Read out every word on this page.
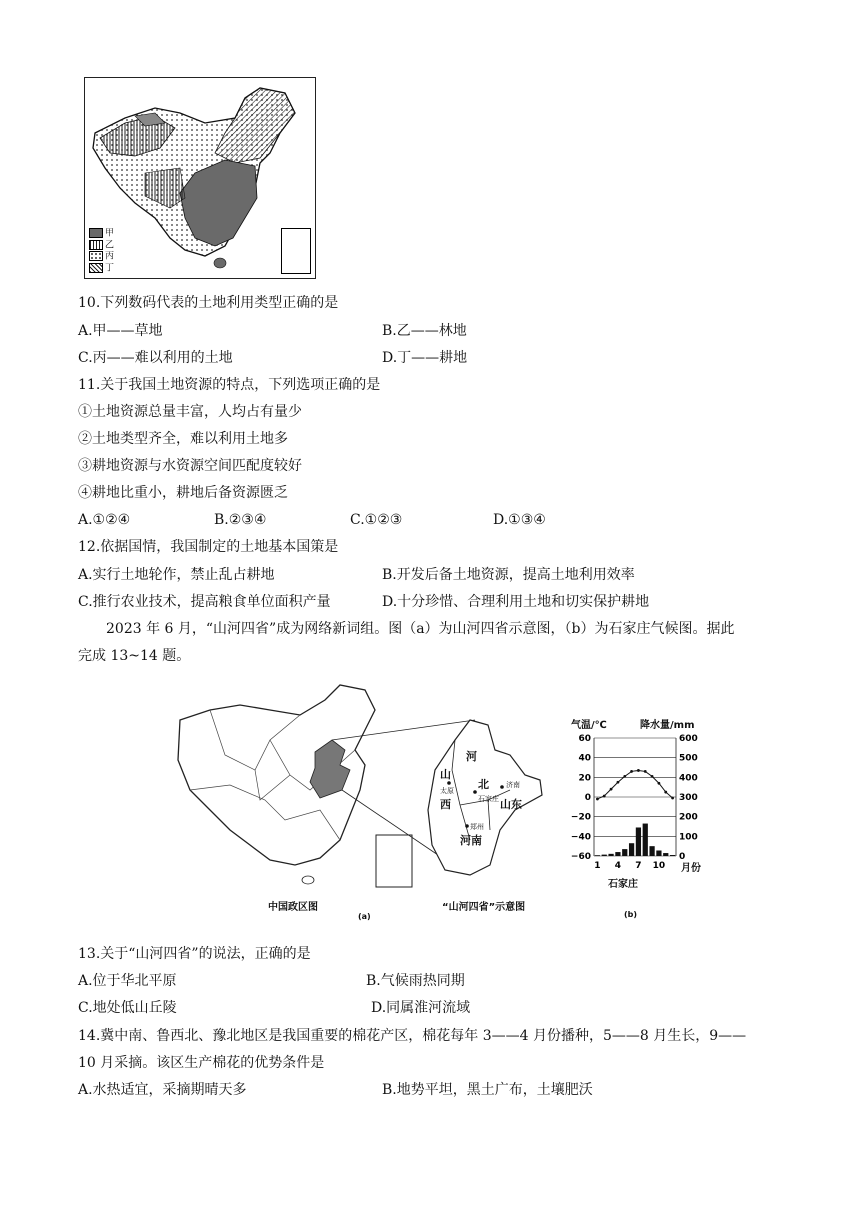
甲
乙
丙
丁
10.下列数码代表的土地利用类型正确的是
A.甲——草地	B.乙——林地
C.丙——难以利用的土地	D.丁——耕地
11.关于我国土地资源的特点，下列选项正确的是
①土地资源总量丰富，人均占有量少
②土地类型齐全，难以利用土地多
③耕地资源与水资源空间匹配度较好
④耕地比重小，耕地后备资源匮乏
A.①②④	B.②③④	C.①②③	D.①③④
12.依据国情，我国制定的土地基本国策是
A.实行土地轮作，禁止乱占耕地	B.开发后备土地资源，提高土地利用效率
C.推行农业技术，提高粮食单位面积产量	D.十分珍惜、合理利用土地和切实保护耕地
2023 年 6 月，“山河四省”成为网络新词组。图（a）为山河四省示意图，（b）为石家庄气候图。据此
完成 13~14 题。
河
北
山
西	山东
河南
太原
石家庄
济南
郑州
中国政区图	“山河四省”示意图
(a)
60	600
40	500
20	400
0	300
−20	200
−40	100
−60	0
1 4 7 10
气温/℃	降水量/mm
月份
石家庄
(b)
13.关于“山河四省”的说法，正确的是
A.位于华北平原	B.气候雨热同期
C.地处低山丘陵	D.同属淮河流域
14.冀中南、鲁西北、豫北地区是我国重要的棉花产区，棉花每年 3——4 月份播种，5——8 月生长，9——
10 月采摘。该区生产棉花的优势条件是
A.水热适宜，采摘期晴天多	B.地势平坦，黑土广布，土壤肥沃
